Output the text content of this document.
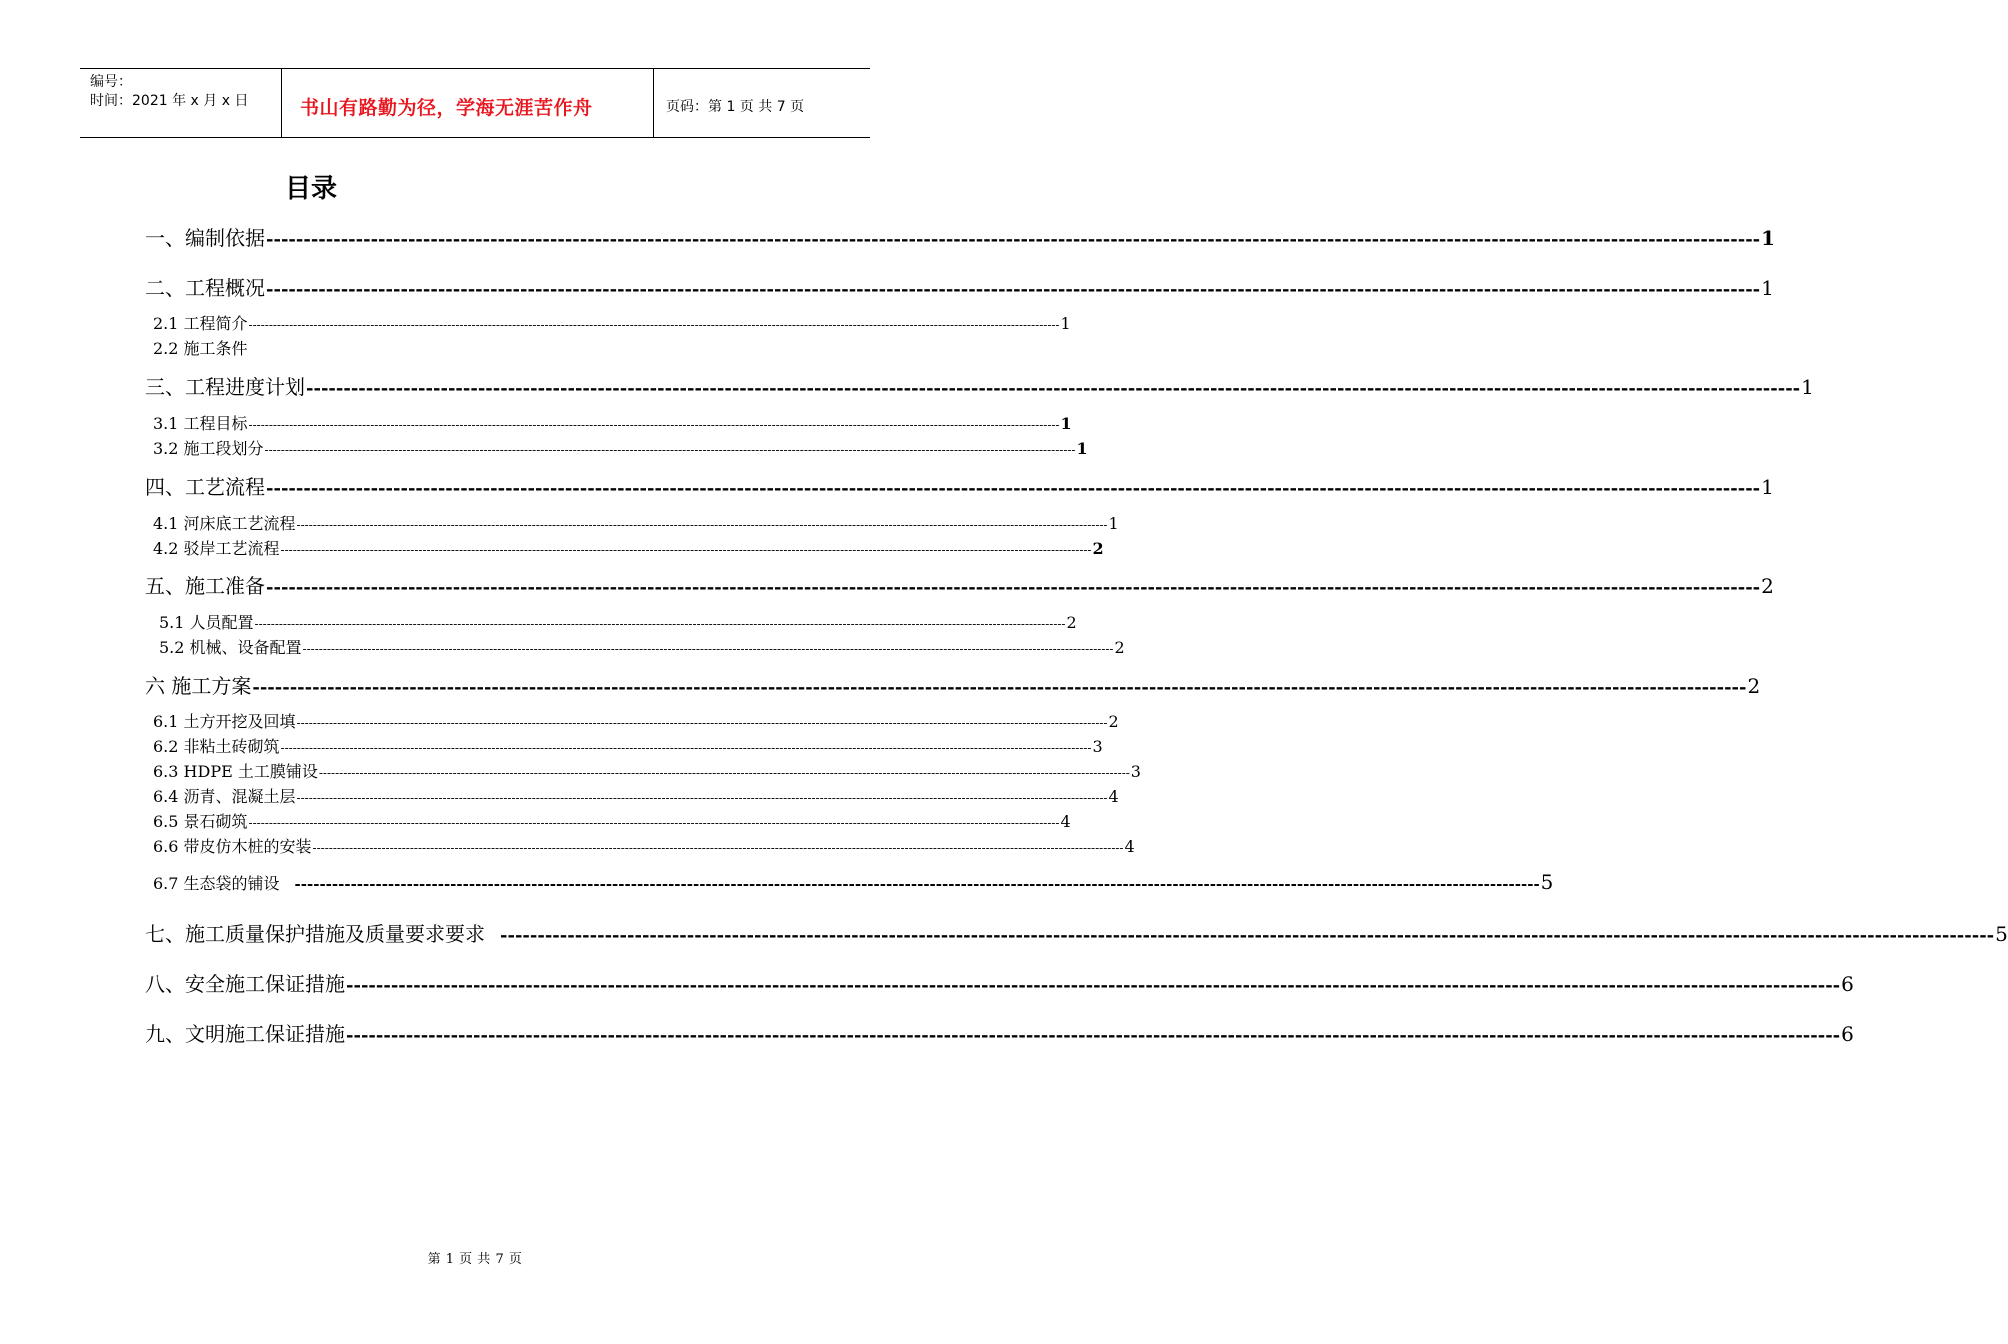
编号：
时间：2021 年 x 月 x 日	书山有路勤为径，学海无涯苦作舟	页码：第 1 页 共 7 页
目录
一、编制依据 -------------------------------------------------------------------------------------------------------------------------------------------------------------------------------------------------------- 1
二、工程概况 -------------------------------------------------------------------------------------------------------------------------------------------------------------------------------------------------------- 1
2.1 工程简介 -------------------------------------------------------------------------------------------------------------------------------------------------------------------------------------------------------- 1
2.2 施工条件
三、工程进度计划 -------------------------------------------------------------------------------------------------------------------------------------------------------------------------------------------------------- 1
3.1 工程目标 -------------------------------------------------------------------------------------------------------------------------------------------------------------------------------------------------------- 1
3.2 施工段划分 -------------------------------------------------------------------------------------------------------------------------------------------------------------------------------------------------------- 1
四、工艺流程 -------------------------------------------------------------------------------------------------------------------------------------------------------------------------------------------------------- 1
4.1 河床底工艺流程 -------------------------------------------------------------------------------------------------------------------------------------------------------------------------------------------------------- 1
4.2 驳岸工艺流程 -------------------------------------------------------------------------------------------------------------------------------------------------------------------------------------------------------- 2
五、施工准备 -------------------------------------------------------------------------------------------------------------------------------------------------------------------------------------------------------- 2
5.1 人员配置 -------------------------------------------------------------------------------------------------------------------------------------------------------------------------------------------------------- 2
5.2 机械、设备配置 -------------------------------------------------------------------------------------------------------------------------------------------------------------------------------------------------------- 2
六 施工方案 -------------------------------------------------------------------------------------------------------------------------------------------------------------------------------------------------------- 2
6.1 土方开挖及回填 -------------------------------------------------------------------------------------------------------------------------------------------------------------------------------------------------------- 2
6.2 非粘土砖砌筑 -------------------------------------------------------------------------------------------------------------------------------------------------------------------------------------------------------- 3
6.3 HDPE 土工膜铺设 -------------------------------------------------------------------------------------------------------------------------------------------------------------------------------------------------------- 3
6.4 沥青、混凝土层 -------------------------------------------------------------------------------------------------------------------------------------------------------------------------------------------------------- 4
6.5 景石砌筑 -------------------------------------------------------------------------------------------------------------------------------------------------------------------------------------------------------- 4
6.6 带皮仿木桩的安装 -------------------------------------------------------------------------------------------------------------------------------------------------------------------------------------------------------- 4
6.7 生态袋的铺设 -------------------------------------------------------------------------------------------------------------------------------------------------------------------------------------------------------- 5
七、施工质量保护措施及质量要求要求 -------------------------------------------------------------------------------------------------------------------------------------------------------------------------------------------------------- 5
八、安全施工保证措施 -------------------------------------------------------------------------------------------------------------------------------------------------------------------------------------------------------- 6
九、文明施工保证措施 -------------------------------------------------------------------------------------------------------------------------------------------------------------------------------------------------------- 6
第 1 页 共 7 页
